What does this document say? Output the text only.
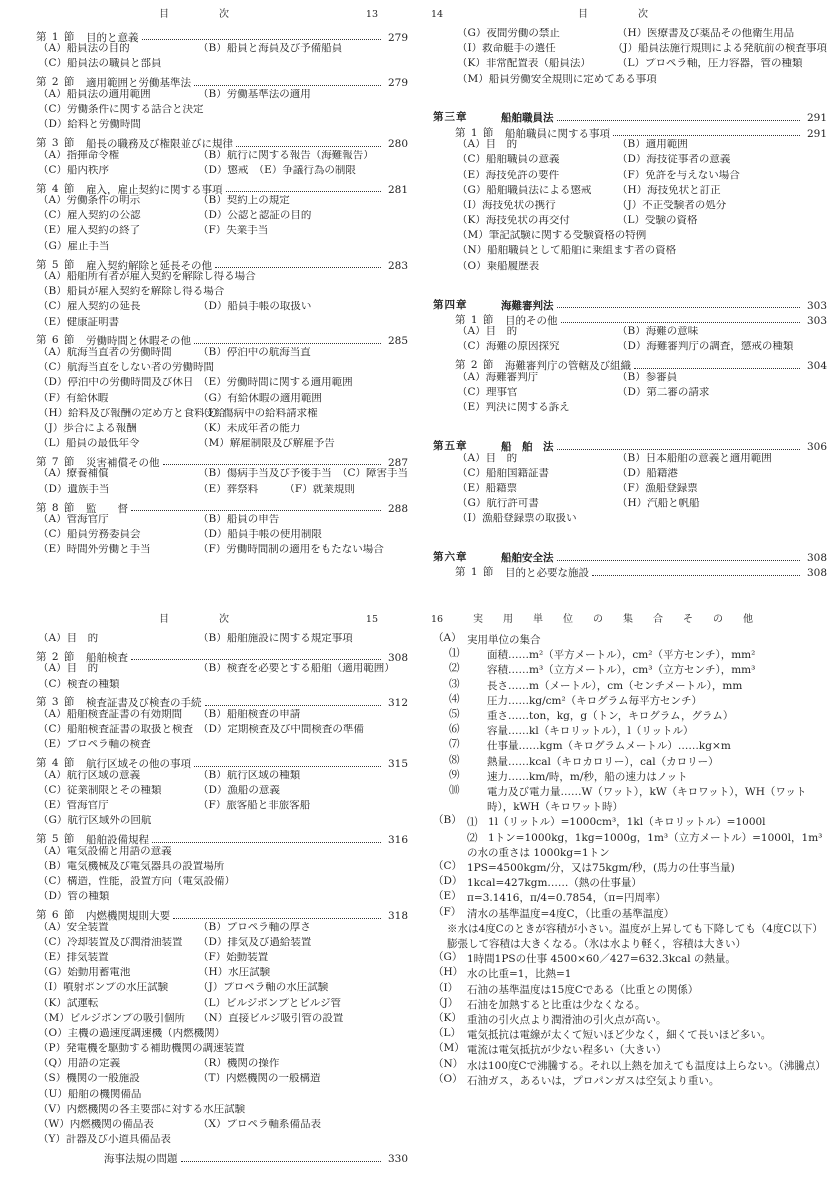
目　次	13
第 1 節 目的と意義	279
（A）船員法の目的	（B）船員と海員及び予備船員
（C）船員法の職員と部員
第 2 節 適用範囲と労働基準法	279
（A）船員法の適用範囲	（B）労働基準法の適用
（C）労働条件に関する話合と決定
（D）給料と労働時間
第 3 節 船長の職務及び権限並びに規律	280
（A）指揮命令権	（B）航行に関する報告（海難報告）
（C）船内秩序	（D）懲戒　（E）争議行為の制限
第 4 節 雇入，雇止契約に関する事項	281
（A）労働条件の明示	（B）契約上の規定
（C）雇入契約の公認	（D）公認と認証の目的
（E）雇入契約の終了	（F）失業手当
（G）雇止手当
第 5 節 雇入契約解除と延長その他	283
（A）船舶所有者が雇入契約を解除し得る場合
（B）船員が雇入契約を解除し得る場合
（C）雇入契約の延長	（D）船員手帳の取扱い
（E）健康証明書
第 6 節 労働時間と休暇その他	285
（A）航海当直者の労働時間	（B）停泊中の航海当直
（C）航海当直をしない者の労働時間
（D）停泊中の労働時間及び休日 （E）労働時間に関する適用範囲
（F）有給休暇	（G）有給休暇の適用範囲
（H）給料及び報酬の定め方と食料支給
（I）傷病中の給料請求権
（J）歩合による報酬	（K）未成年者の能力
（L）船員の最低年令	（M）解雇制限及び解雇予告
第 7 節 災害補償その他	287
（A）療養補償	（B）傷病手当及び予後手当　（C）障害手当
（D）遺族手当	（E）葬祭料　　　（F）就業規則
第 8 節 監　　督	288
（A）管海官庁	（B）船員の申告
（C）船員労務委員会	（D）船員手帳の使用制限
（E）時間外労働と手当	（F）労働時間制の適用をもたない場合
目　次
14
（G）夜間労働の禁止	（H）医療書及び薬品その他衛生用品
（I）救命艇手の選任	（J）船員法施行規則による発航前の検査事項
（K）非常配置表（船員法）	（L）プロペラ軸，圧力容器，管の種類
（M）船員労働安全規則に定めてある事項
第三章	船舶職員法	291
第 1 節 船舶職員に関する事項	291
（A）目　的	（B）適用範囲
（C）船舶職員の意義	（D）海技従事者の意義
（E）海技免許の要件	（F）免許を与えない場合
（G）船舶職員法による懲戒	（H）海技免状と訂正
（I）海技免状の携行	（J）不正受験者の処分
（K）海技免状の再交付	（L）受験の資格
（M）筆記試験に関する受験資格の特例
（N）船舶職員として船舶に乗組ます者の資格
（O）乗船履歴表
第四章	海難審判法	303
第 1 節 目的その他	303
（A）目　的	（B）海難の意味
（C）海難の原因探究	（D）海難審判庁の調査，懲戒の種類
第 2 節 海難審判庁の管轄及び組織	304
（A）海難審判庁	（B）参審員
（C）理事官	（D）第二審の請求
（E）判決に関する訴え
第五章	船　舶　法	306
（A）目　的	（B）日本船舶の意義と適用範囲
（C）船舶国籍証書	（D）船籍港
（E）船籍票	（F）漁船登録票
（G）航行許可書	（H）汽船と帆船
（I）漁船登録票の取扱い
第六章	船舶安全法	308
第 1 節 目的と必要な施設	308
目　次	15
（A）目　的	（B）船舶施設に関する規定事項
第 2 節 船舶検査	308
（A）目　的	（B）検査を必要とする船舶（適用範囲）
（C）検査の種類
第 3 節 検査証書及び検査の手続	312
（A）船舶検査証書の有効期間	（B）船舶検査の申請
（C）船舶検査証書の取扱と検査 （D）定期検査及び中間検査の準備
（E）プロペラ軸の検査
第 4 節 航行区域その他の事項	315
（A）航行区域の意義	（B）航行区域の種類
（C）従業制限とその種類	（D）漁船の意義
（E）管海官庁	（F）旅客船と非旅客船
（G）航行区域外の回航
第 5 節 船舶設備規程	316
（A）電気設備と用語の意義
（B）電気機械及び電気器具の設置場所
（C）構造，性能，設置方向（電気設備）
（D）管の種類
第 6 節 内燃機関規則大要	318
（A）安全装置	（B）プロペラ軸の厚さ
（C）冷却装置及び潤滑油装置	（D）排気及び過給装置
（E）排気装置	（F）始動装置
（G）始動用蓄電池	（H）水圧試験
（I）噴射ポンプの水圧試験	（J）プロペラ軸の水圧試験
（K）試運転	（L）ビルジポンプとビルジ管
（M）ビルジポンプの吸引個所	（N）直接ビルジ吸引管の設置
（O）主機の過速度調速機（内燃機関）
（P）発電機を駆動する補助機関の調速装置
（Q）用語の定義	（R）機関の操作
（S）機関の一般施設	（T）内燃機関の一般構造
（U）船舶の機関備品
（V）内燃機関の各主要部に対する水圧試験
（W）内燃機関の備品表	（X）プロペラ軸系備品表
（Y）計器及び小道具備品表
海事法規の問題	330
実用単位の集合その他
16
（A） 実用単位の集合
⑴	面積……m²（平方メートル），cm²（平方センチ），mm²
⑵	容積……m³（立方メートル），cm³（立方センチ），mm³
⑶	長さ……m（メートル），cm（センチメートル），mm
⑷	圧力……kg/cm²（キログラム毎平方センチ）
⑸	重さ……ton，kg，g（トン，キログラム，グラム）
⑹	容量……kl（キロリットル），l（リットル）
⑺	仕事量……kgm（キログラムメートル）……kg×m
⑻	熱量……kcal（キロカロリー），cal（カロリー）
⑼	速力……km/時，m/秒，船の速力はノット
⑽	電力及び電力量……W（ワット），kW（キロワット），WH（ワット時），kWH（キロワット時）
（B） ⑴　1l（リットル）=1000cm³，1kl（キロリットル）=1000l
⑵　1トン=1000kg，1kg=1000g，1m³（立方メートル）=1000l，1m³ の水の重さは 1000kg=1トン
（C） 1PS=4500kgm/分，又は75kgm/秒，(馬力の仕事当量)
（D） 1kcal=427kgm……（熱の仕事量）
（E） π=3.1416，π/4=0.7854，（π=円周率）
（F） 清水の基準温度=4度C，（比重の基準温度）
※水は4度Cのときが容積が小さい。温度が上昇しても下降しても（4度C以下）膨張して容積は大きくなる。（氷は水より軽く，容積は大きい）
（G） 1時間1PSの仕事 4500×60／427=632.3kcal の熱量。
（H） 水の比重=1，比熱=1
（I） 石油の基準温度は15度Cである（比重との関係）
（J） 石油を加熱すると比重は少なくなる。
（K） 重油の引火点より潤滑油の引火点が高い。
（L） 電気抵抗は電線が太くて短いほど少なく，細くて長いほど多い。
（M） 電流は電気抵抗が少ない程多い（大きい）
（N） 水は100度Cで沸騰する。それ以上熱を加えても温度は上らない。（沸騰点）
（O） 石油ガス，あるいは，プロパンガスは空気より重い。
